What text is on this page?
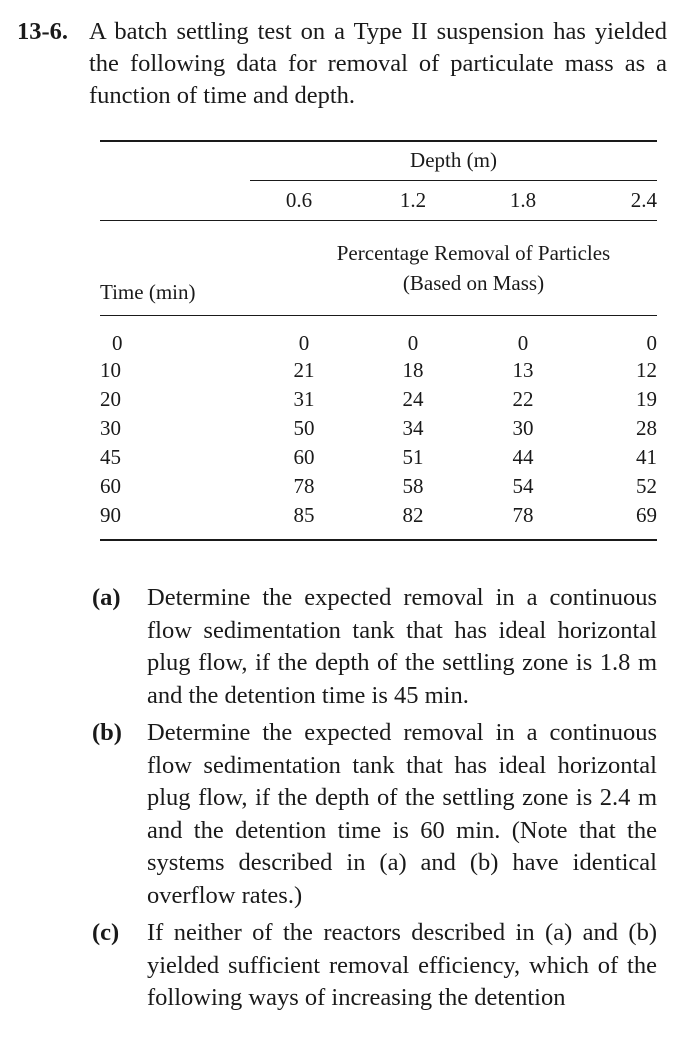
13-6. A batch settling test on a Type II suspension has yielded the following data for removal of particulate mass as a function of time and depth.
	Depth (m)			
	0.6	1.2	1.8	2.4
Time (min)	Percentage Removal of Particles
(Based on Mass)			

0	0	0	0	0
10	21	18	13	12
20	31	24	22	19
30	50	34	30	28
45	60	51	44	41
60	78	58	54	52
90	85	82	78	69
(a) Determine the expected removal in a continuous flow sedimentation tank that has ideal horizontal plug flow, if the depth of the settling zone is 1.8 m and the detention time is 45 min.
(b) Determine the expected removal in a continuous flow sedimentation tank that has ideal horizontal plug flow, if the depth of the settling zone is 2.4 m and the detention time is 60 min. (Note that the systems described in (a) and (b) have identical overflow rates.)
(c) If neither of the reactors described in (a) and (b) yielded sufficient removal efficiency, which of the following ways of increasing the detention
